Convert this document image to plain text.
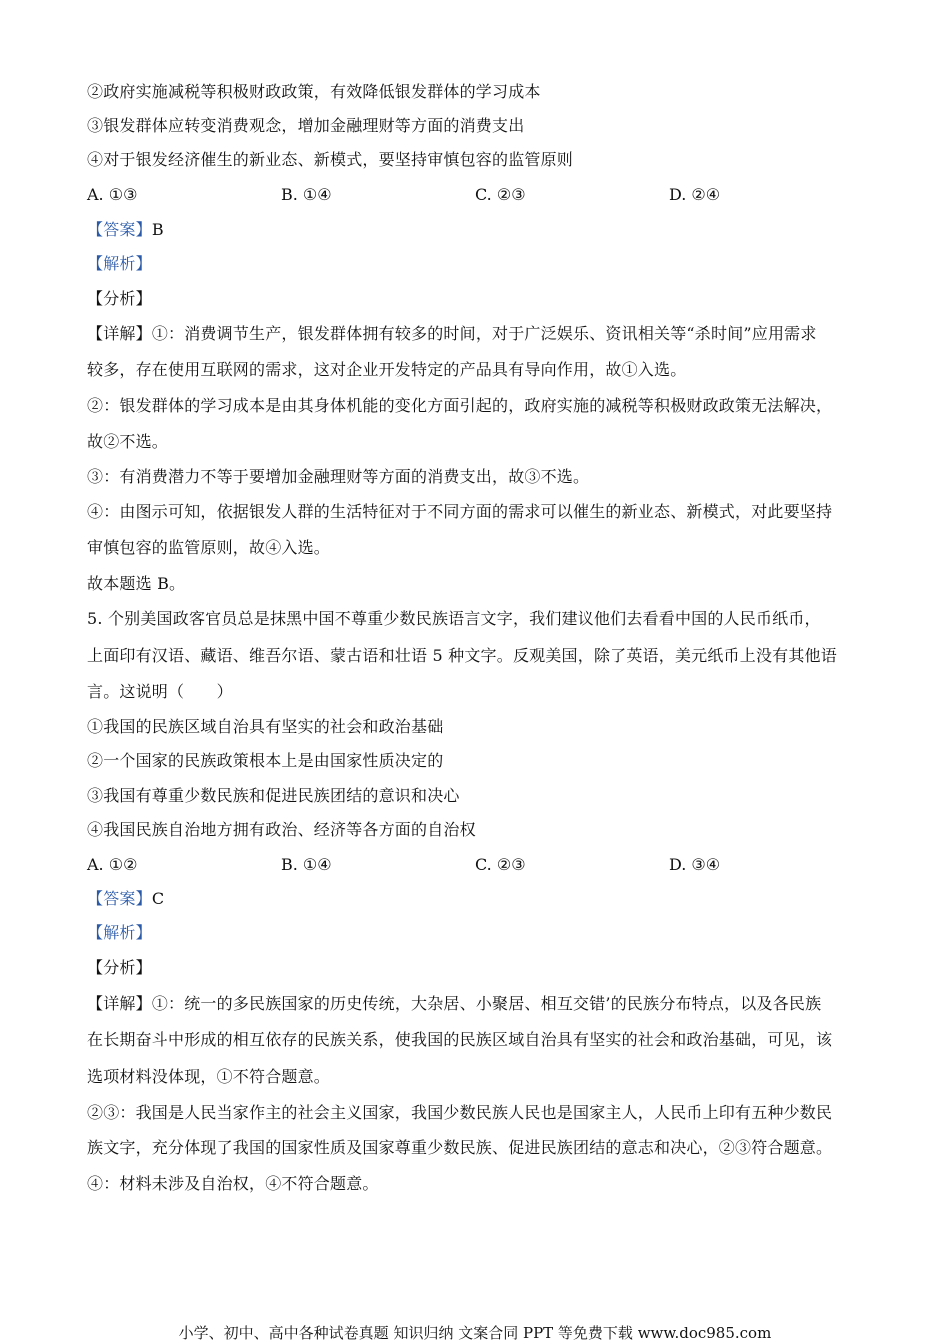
②政府实施减税等积极财政政策，有效降低银发群体的学习成本
③银发群体应转变消费观念，增加金融理财等方面的消费支出
④对于银发经济催生的新业态、新模式，要坚持审慎包容的监管原则
A. ①③	B. ①④	C. ②③	D. ②④
【答案】B
【解析】
【分析】
【详解】①：消费调节生产，银发群体拥有较多的时间，对于广泛娱乐、资讯相关等“杀时间”应用需求
较多，存在使用互联网的需求，这对企业开发特定的产品具有导向作用，故①入选。
②：银发群体的学习成本是由其身体机能的变化方面引起的，政府实施的减税等积极财政政策无法解决，
故②不选。
③：有消费潜力不等于要增加金融理财等方面的消费支出，故③不选。
④：由图示可知，依据银发人群的生活特征对于不同方面的需求可以催生的新业态、新模式，对此要坚持
审慎包容的监管原则，故④入选。
故本题选 B。
5. 个别美国政客官员总是抹黑中国不尊重少数民族语言文字，我们建议他们去看看中国的人民币纸币，
上面印有汉语、藏语、维吾尔语、蒙古语和壮语 5 种文字。反观美国，除了英语，美元纸币上没有其他语
言。这说明（　　）
①我国的民族区域自治具有坚实的社会和政治基础
②一个国家的民族政策根本上是由国家性质决定的
③我国有尊重少数民族和促进民族团结的意识和决心
④我国民族自治地方拥有政治、经济等各方面的自治权
A. ①②	B. ①④	C. ②③	D. ③④
【答案】C
【解析】
【分析】
【详解】①：统一的多民族国家的历史传统，大杂居、小聚居、相互交错’的民族分布特点，以及各民族
在长期奋斗中形成的相互依存的民族关系，使我国的民族区域自治具有坚实的社会和政治基础，可见，该
选项材料没体现，①不符合题意。
②③：我国是人民当家作主的社会主义国家，我国少数民族人民也是国家主人，人民币上印有五种少数民
族文字，充分体现了我国的国家性质及国家尊重少数民族、促进民族团结的意志和决心，②③符合题意。
④：材料未涉及自治权，④不符合题意。
小学、初中、高中各种试卷真题 知识归纳 文案合同 PPT 等免费下载 www.doc985.com
